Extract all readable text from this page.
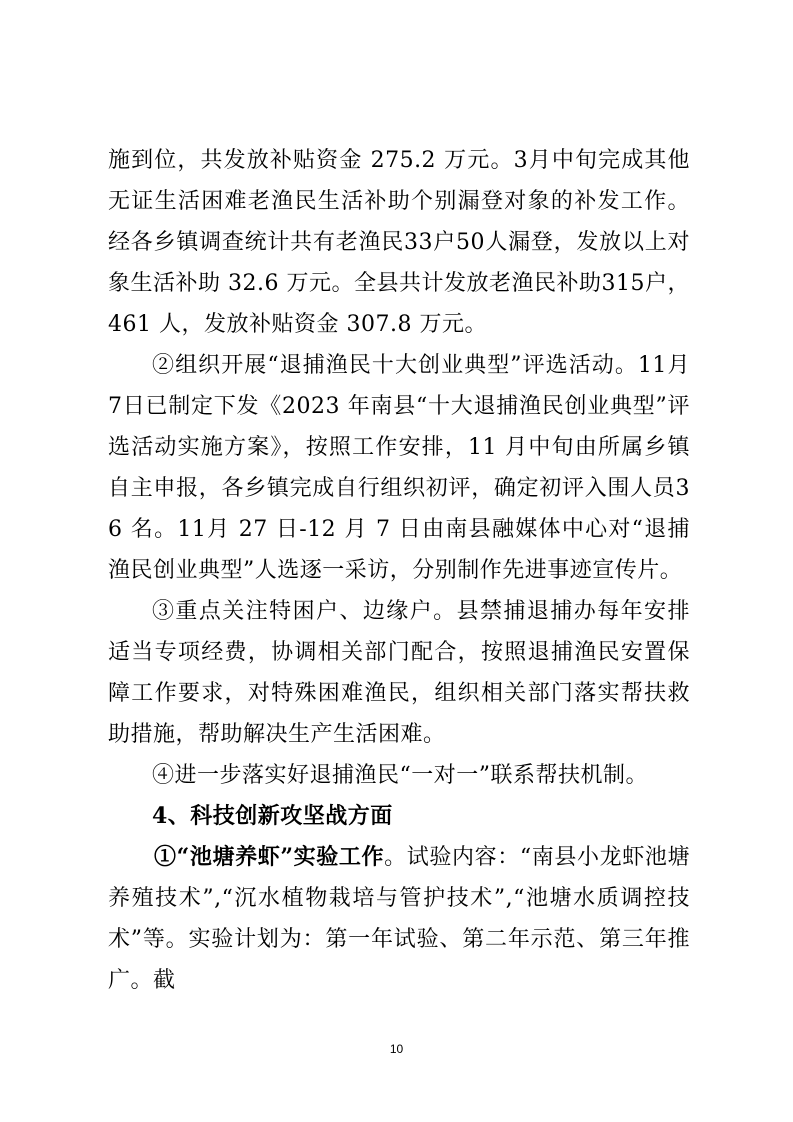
施到位，共发放补贴资金 275.2 万元。3月中旬完成其他无证生活困难老渔民生活补助个别漏登对象的补发工作。经各乡镇调查统计共有老渔民33户50人漏登，发放以上对象生活补助 32.6 万元。全县共计发放老渔民补助315户，461 人，发放补贴资金 307.8 万元。

②组织开展“退捕渔民十大创业典型”评选活动。11月7日已制定下发《2023 年南县“十大退捕渔民创业典型”评选活动实施方案》，按照工作安排，11 月中旬由所属乡镇自主申报，各乡镇完成自行组织初评，确定初评入围人员36 名。11月 27 日-12 月 7 日由南县融媒体中心对“退捕渔民创业典型”人选逐一采访，分别制作先进事迹宣传片。

③重点关注特困户、边缘户。县禁捕退捕办每年安排适当专项经费，协调相关部门配合，按照退捕渔民安置保障工作要求，对特殊困难渔民，组织相关部门落实帮扶救助措施，帮助解决生产生活困难。

④进一步落实好退捕渔民“一对一”联系帮扶机制。

4、科技创新攻坚战方面

①“池塘养虾”实验工作。试验内容：“南县小龙虾池塘养殖技术”,“沉水植物栽培与管护技术”,“池塘水质调控技术”等。实验计划为：第一年试验、第二年示范、第三年推广。截

10
